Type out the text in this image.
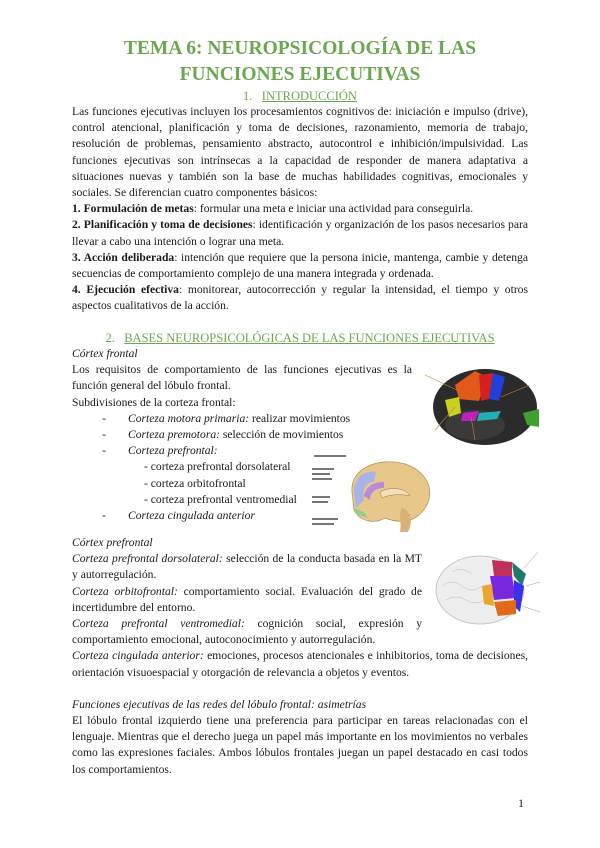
TEMA 6: NEUROPSICOLOGÍA DE LAS
FUNCIONES EJECUTIVAS
1. INTRODUCCIÓN

Las funciones ejecutivas incluyen los procesamientos cognitivos de: iniciación e impulso (drive), control atencional, planificación y toma de decisiones, razonamiento, memoria de trabajo, resolución de problemas, pensamiento abstracto, autocontrol e inhibición/impulsividad. Las funciones ejecutivas son intrínsecas a la capacidad de responder de manera adaptativa a situaciones nuevas y también son la base de muchas habilidades cognitivas, emocionales y sociales. Se diferencian cuatro componentes básicos:

1. Formulación de metas: formular una meta e iniciar una actividad para conseguirla.

2. Planificación y toma de decisiones: identificación y organización de los pasos necesarios para llevar a cabo una intención o lograr una meta.

3. Acción deliberada: intención que requiere que la persona inicie, mantenga, cambie y detenga secuencias de comportamiento complejo de una manera integrada y ordenada.

4. Ejecución efectiva: monitorear, autocorrección y regular la intensidad, el tiempo y otros aspectos cualitativos de la acción.

2. BASES NEUROPSICOLÓGICAS DE LAS FUNCIONES EJECUTIVAS

Córtex frontal

Los requisitos de comportamiento de las funciones ejecutivas es la función general del lóbulo frontal.

Subdivisiones de la corteza frontal:

-	Corteza motora primaria: realizar movimientos
-	Corteza premotora: selección de movimientos
-	Corteza prefrontal:

- corteza prefrontal dorsolateral

- corteza orbitofrontal

- corteza prefrontal ventromedial

-	Corteza cingulada anterior

Córtex prefrontal

Corteza prefrontal dorsolateral: selección de la conducta basada en la MT y autorregulación.

Corteza orbitofrontal: comportamiento social. Evaluación del grado de incertidumbre del entorno.

Corteza prefrontal ventromedial: cognición social, expresión y comportamiento emocional, autoconocimiento y autorregulación.

Corteza cingulada anterior: emociones, procesos atencionales e inhibitorios, toma de decisiones, orientación visuoespacial y otorgación de relevancia a objetos y eventos.

Funciones ejecutivas de las redes del lóbulo frontal: asimetrías

El lóbulo frontal izquierdo tiene una preferencia para participar en tareas relacionadas con el lenguaje. Mientras que el derecho juega un papel más importante en los movimientos no verbales como las expresiones faciales. Ambos lóbulos frontales juegan un papel destacado en casi todos los comportamientos.

1
